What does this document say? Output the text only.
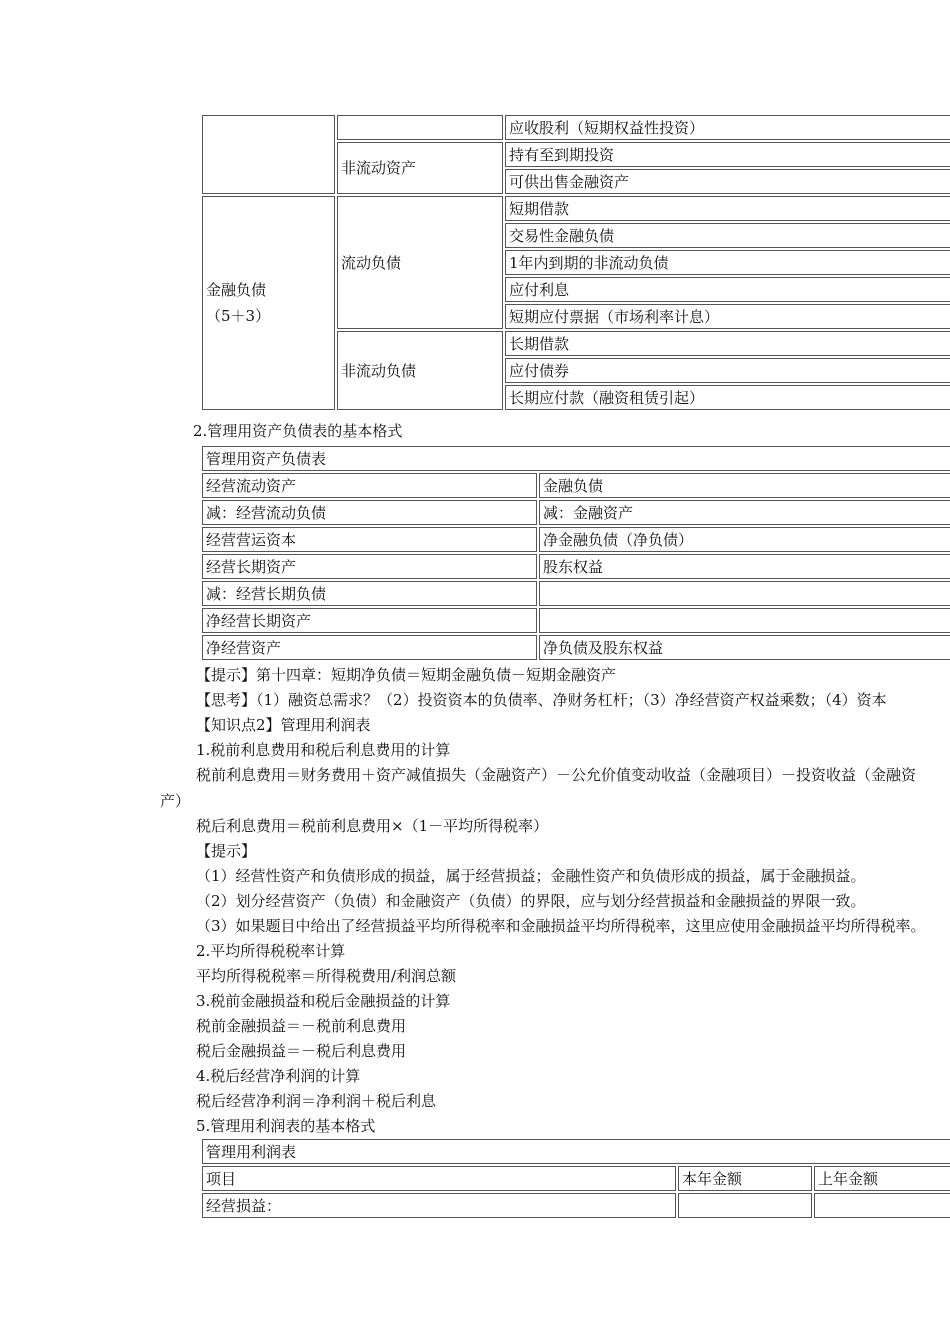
		应收股利（短期权益性投资）
	非流动资产	持有至到期投资
		可供出售金融资产

金融负债
（5＋3）	流动负债	短期借款
		交易性金融负债
		1年内到期的非流动负债
		应付利息
		短期应付票据（市场利率计息）
	非流动负债	长期借款
		应付债券
		长期应付款（融资租赁引起）
2.管理用资产负债表的基本格式
管理用资产负债表	
经营流动资产	金融负债
减：经营流动负债	减：金融资产
经营营运资本	净金融负债（净负债）
经营长期资产	股东权益
减：经营长期负债	
净经营长期资产	
净经营资产	净负债及股东权益
【提示】第十四章：短期净负债＝短期金融负债－短期金融资产
【思考】（1）融资总需求？（2）投资资本的负债率、净财务杠杆；（3）净经营资产权益乘数；（4）资本
【知识点2】管理用利润表
1.税前利息费用和税后利息费用的计算
税前利息费用＝财务费用＋资产减值损失（金融资产）－公允价值变动收益（金融项目）－投资收益（金融资
产）
税后利息费用＝税前利息费用×（1－平均所得税率）
【提示】
（1）经营性资产和负债形成的损益，属于经营损益；金融性资产和负债形成的损益，属于金融损益。
（2）划分经营资产（负债）和金融资产（负债）的界限，应与划分经营损益和金融损益的界限一致。
（3）如果题目中给出了经营损益平均所得税率和金融损益平均所得税率，这里应使用金融损益平均所得税率。
2.平均所得税税率计算
平均所得税税率＝所得税费用/利润总额
3.税前金融损益和税后金融损益的计算
税前金融损益＝－税前利息费用
税后金融损益＝－税后利息费用
4.税后经营净利润的计算
税后经营净利润＝净利润＋税后利息
5.管理用利润表的基本格式
管理用利润表		
项目	本年金额	上年金额
经营损益：		
